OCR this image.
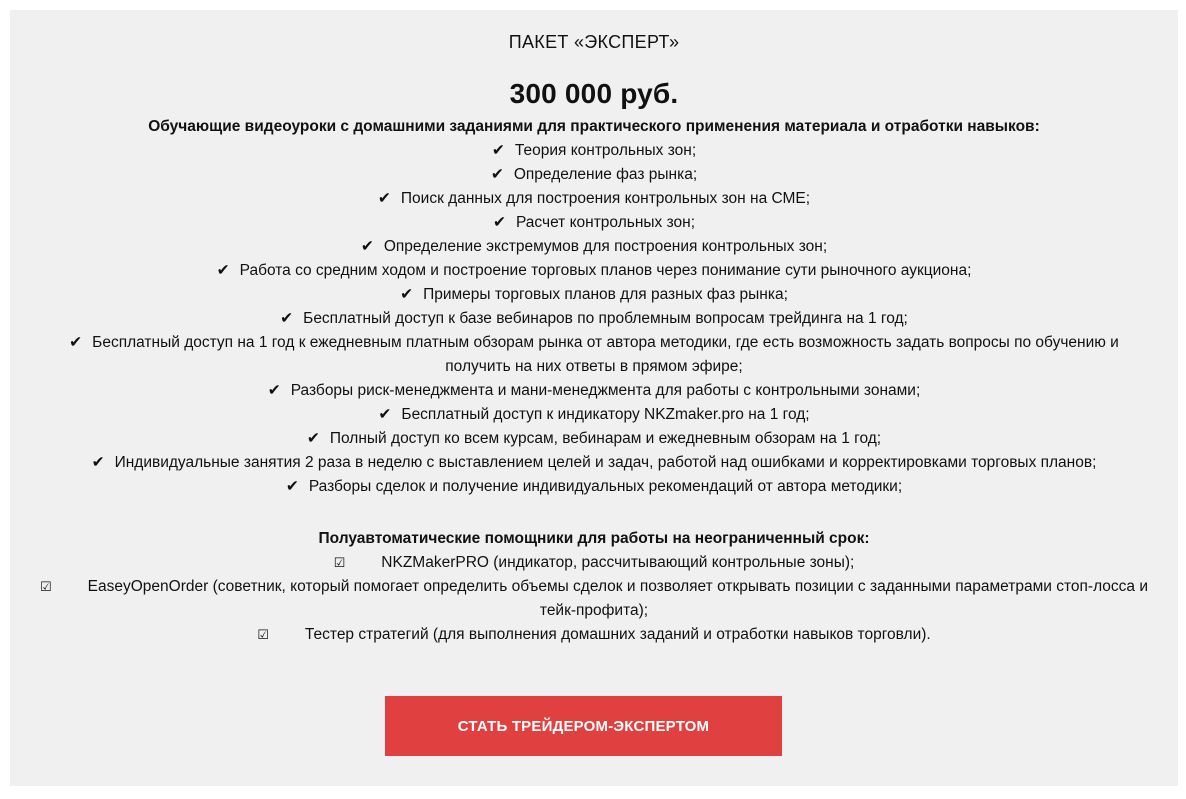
ПАКЕТ «ЭКСПЕРТ»
300 000 руб.
Обучающие видеоуроки с домашними заданиями для практического применения материала и отработки навыков:
✔ Теория контрольных зон;
✔ Определение фаз рынка;
✔ Поиск данных для построения контрольных зон на СМЕ;
✔ Расчет контрольных зон;
✔ Определение экстремумов для построения контрольных зон;
✔ Работа со средним ходом и построение торговых планов через понимание сути рыночного аукциона;
✔ Примеры торговых планов для разных фаз рынка;
✔ Бесплатный доступ к базе вебинаров по проблемным вопросам трейдинга на 1 год;
✔ Бесплатный доступ на 1 год к ежедневным платным обзорам рынка от автора методики, где есть возможность задать вопросы по обучению и получить на них ответы в прямом эфире;
✔ Разборы риск-менеджмента и мани-менеджмента для работы с контрольными зонами;
✔ Бесплатный доступ к индикатору NKZmaker.pro на 1 год;
✔ Полный доступ ко всем курсам, вебинарам и ежедневным обзорам на 1 год;
✔ Индивидуальные занятия 2 раза в неделю с выставлением целей и задач, работой над ошибками и корректировками торговых планов;
✔ Разборы сделок и получение индивидуальных рекомендаций от автора методики;
Полуавтоматические помощники для работы на неограниченный срок:
☑ NKZMakerPRO (индикатор, рассчитывающий контрольные зоны);
☑ EaseyOpenOrder (советник, который помогает определить объемы сделок и позволяет открывать позиции с заданными параметрами стоп-лосса и тейк-профита);
☑ Тестер стратегий (для выполнения домашних заданий и отработки навыков торговли).
СТАТЬ ТРЕЙДЕРОМ-ЭКСПЕРТОМ
